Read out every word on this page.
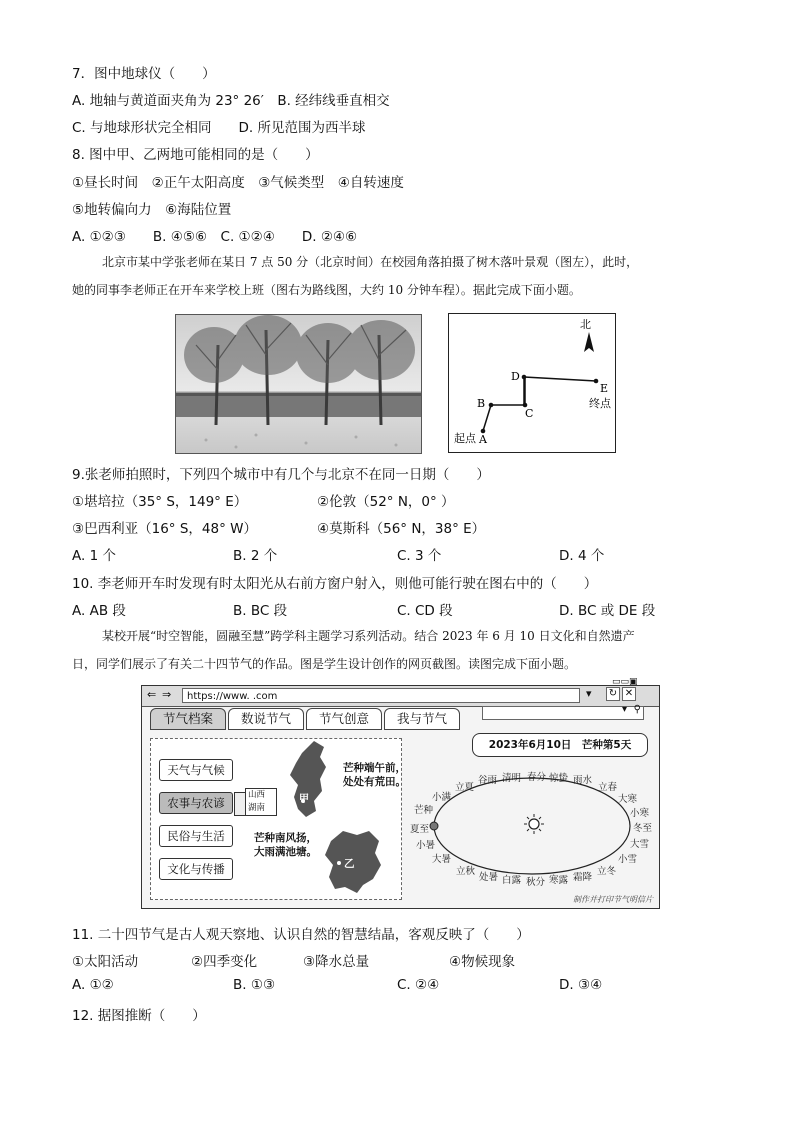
7．图中地球仪（　　）
A. 地轴与黄道面夹角为 23° 26′　B. 经纬线垂直相交
C. 与地球形状完全相同　　D. 所见范围为西半球
8. 图中甲、乙两地可能相同的是（　　）
①昼长时间　②正午太阳高度　③气候类型　④自转速度
⑤地转偏向力　⑥海陆位置
A. ①②③　　B. ④⑤⑥　C. ①②④　　D. ②④⑥
北京市某中学张老师在某日 7 点 50 分（北京时间）在校园角落拍摄了树木落叶景观（图左），此时，
她的同事李老师正在开车来学校上班（图右为路线图，大约 10 分钟车程）。据此完成下面小题。
北
A
起点
B
C
D
E
终点
9.张老师拍照时，下列四个城市中有几个与北京不在同一日期（　　）
①堪培拉（35° S，149° E）	②伦敦（52° N，0° ）
③巴西利亚（16° S，48° W）	④莫斯科（56° N，38° E）
A. 1 个	B. 2 个	C. 3 个	D. 4 个
10. 李老师开车时发现有时太阳光从右前方窗户射入，则他可能行驶在图右中的（　　）
A. AB 段	B. BC 段	C. CD 段	D. BC 或 DE 段
某校开展“时空智能，圆融至慧”跨学科主题学习系列活动。结合 2023 年 6 月 10 日文化和自然遗产
日，同学们展示了有关二十四节气的作品。图是学生设计创作的网页截图。读图完成下面小题。
⇐ ⇒	https://www. .com	▾ ↻ ✕
▭▭▣
▾ ⚲
节气档案	数说节气	节气创意	我与节气
天气与气候
农事与农谚
民俗与生活
文化与传播
山西
湖南
甲
乙
芒种端午前，
处处有荒田。
芒种南风扬，
大雨满池塘。
2023年6月10日　芒种第5天
春分 惊蛰 雨水
立春
大寒
小寒
冬至
大雪
小雪
立冬
霜降
寒露
秋分
白露
处暑
立秋
大暑
小暑
夏至
芒种
小满
立夏
谷雨 清明
制作并打印节气明信片
11. 二十四节气是古人观天察地、认识自然的智慧结晶，客观反映了（　　）
①太阳活动	②四季变化	③降水总量	④物候现象
A. ①②	B. ①③	C. ②④	D. ③④
12. 据图推断（　　）
